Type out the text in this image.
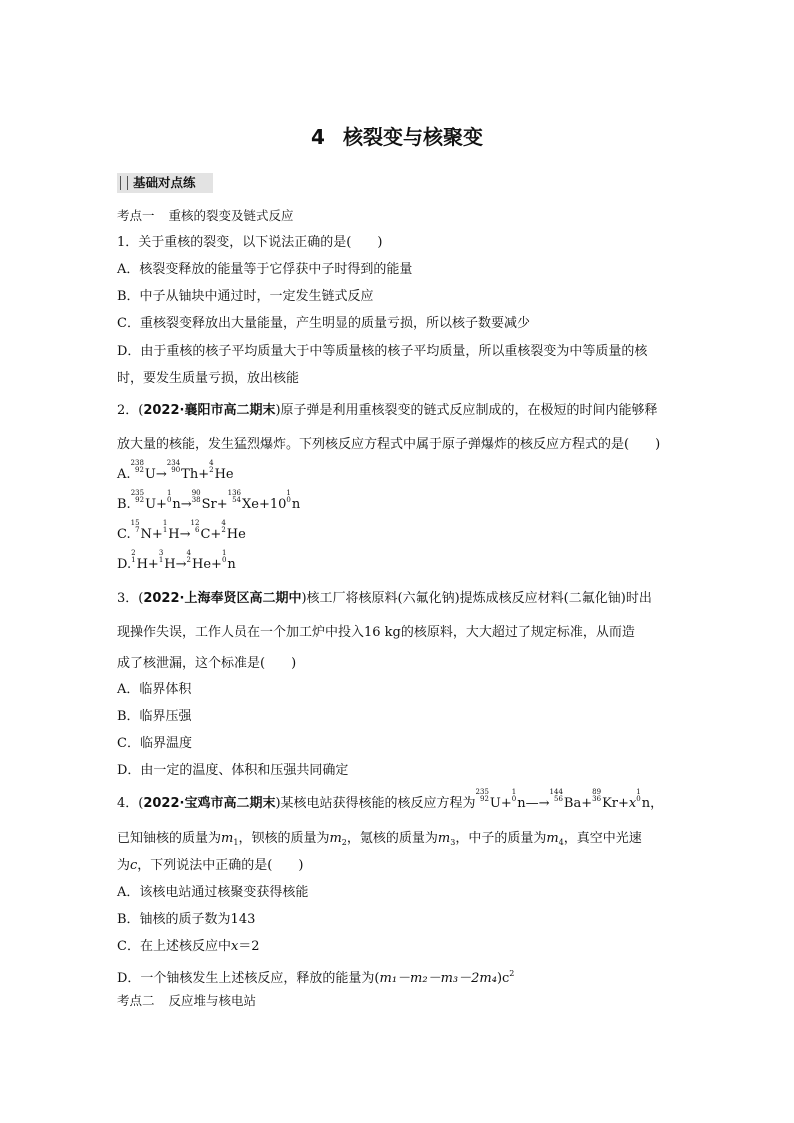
4 核裂变与核聚变
基础对点练
考点一 重核的裂变及链式反应
1．关于重核的裂变，以下说法正确的是(　　)
A．核裂变释放的能量等于它俘获中子时得到的能量
B．中子从铀块中通过时，一定发生链式反应
C．重核裂变释放出大量能量，产生明显的质量亏损，所以核子数要减少
D．由于重核的核子平均质量大于中等质量核的核子平均质量，所以重核裂变为中等质量的核
时，要发生质量亏损，放出核能
2．(2022·襄阳市高二期末)原子弹是利用重核裂变的链式反应制成的，在极短的时间内能够释
放大量的核能，发生猛烈爆炸。下列核反应方程式中属于原子弹爆炸的核反应方程式的是(　　)
A.238
92U→234
90Th+4
2He
B.235
92U+1
0n→90
38Sr+136
54Xe+101
0n
C.15
7N+1
1H→12
6C+4
2He
D.2
1H+3
1H→4
2He+1
0n
3．(2022·上海奉贤区高二期中)核工厂将核原料(六氟化钠)提炼成核反应材料(二氟化铀)时出
现操作失误，工作人员在一个加工炉中投入16 kg的核原料，大大超过了规定标准，从而造
成了核泄漏，这个标准是(　　)
A．临界体积
B．临界压强
C．临界温度
D．由一定的温度、体积和压强共同确定
4．(2022·宝鸡市高二期末)某核电站获得核能的核反应方程为235
92U+1
0n—→144
56Ba+89
36Kr+x1
0n，
已知铀核的质量为$m_1$，钡核的质量为$m_2$，氪核的质量为$m_3$，中子的质量为$m_4$，真空中光速
为c，下列说法中正确的是(　　)
A．该核电站通过核聚变获得核能
B．铀核的质子数为143
C．在上述核反应中x＝2
D．一个铀核发生上述核反应，释放的能量为$(m_1-m_2-m_3-2m_4)c^2$
考点二 反应堆与核电站
